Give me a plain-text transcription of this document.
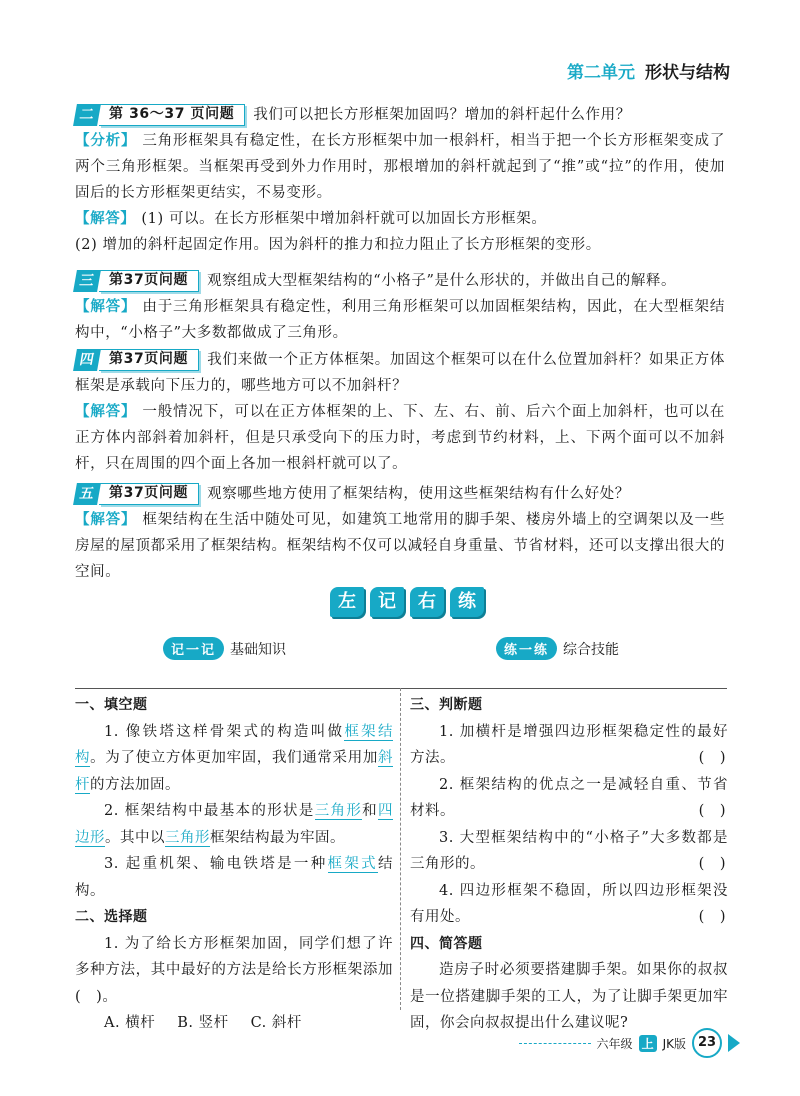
第二单元 形状与结构
二 第 36～37 页问题	我们可以把长方形框架加固吗？增加的斜杆起什么作用？
【分析】 三角形框架具有稳定性，在长方形框架中加一根斜杆，相当于把一个长方形框架变成了两个三角形框架。当框架再受到外力作用时，那根增加的斜杆就起到了“推”或“拉”的作用，使加固后的长方形框架更结实，不易变形。
【解答】 (1) 可以。在长方形框架中增加斜杆就可以加固长方形框架。
(2) 增加的斜杆起固定作用。因为斜杆的推力和拉力阻止了长方形框架的变形。
三 第37页问题	观察组成大型框架结构的“小格子”是什么形状的，并做出自己的解释。
【解答】 由于三角形框架具有稳定性，利用三角形框架可以加固框架结构，因此，在大型框架结构中，“小格子”大多数都做成了三角形。
四 第37页问题	我们来做一个正方体框架。加固这个框架可以在什么位置加斜杆？如果正方体框架是承载向下压力的，哪些地方可以不加斜杆？
【解答】 一般情况下，可以在正方体框架的上、下、左、右、前、后六个面上加斜杆，也可以在正方体内部斜着加斜杆，但是只承受向下的压力时，考虑到节约材料，上、下两个面可以不加斜杆，只在周围的四个面上各加一根斜杆就可以了。
五 第37页问题	观察哪些地方使用了框架结构，使用这些框架结构有什么好处？
【解答】 框架结构在生活中随处可见，如建筑工地常用的脚手架、楼房外墙上的空调架以及一些房屋的屋顶都采用了框架结构。框架结构不仅可以减轻自身重量、节省材料，还可以支撑出很大的空间。
左	记	右	练
记一记	基础知识	练一练	综合技能
一、填空题

1. 像铁塔这样骨架式的构造叫做框架结构。为了使立方体更加牢固，我们通常采用加斜杆的方法加固。

2. 框架结构中最基本的形状是三角形和四边形。其中以三角形框架结构最为牢固。

3. 起重机架、输电铁塔是一种框架式结构。

二、选择题

1. 为了给长方形框架加固，同学们想了许多种方法，其中最好的方法是给长方形框架添加(　)。

A. 横杆 B. 竖杆 C. 斜杆

三、判断题

1. 加横杆是增强四边形框架稳定性的最好方法。	(　)

2. 框架结构的优点之一是减轻自重、节省材料。	(　)

3. 大型框架结构中的“小格子”大多数都是三角形的。	(　)

4. 四边形框架不稳固，所以四边形框架没有用处。	(　)

四、简答题

造房子时必须要搭建脚手架。如果你的叔叔是一位搭建脚手架的工人，为了让脚手架更加牢固，你会向叔叔提出什么建议呢?

六年级 上 JK版 23
